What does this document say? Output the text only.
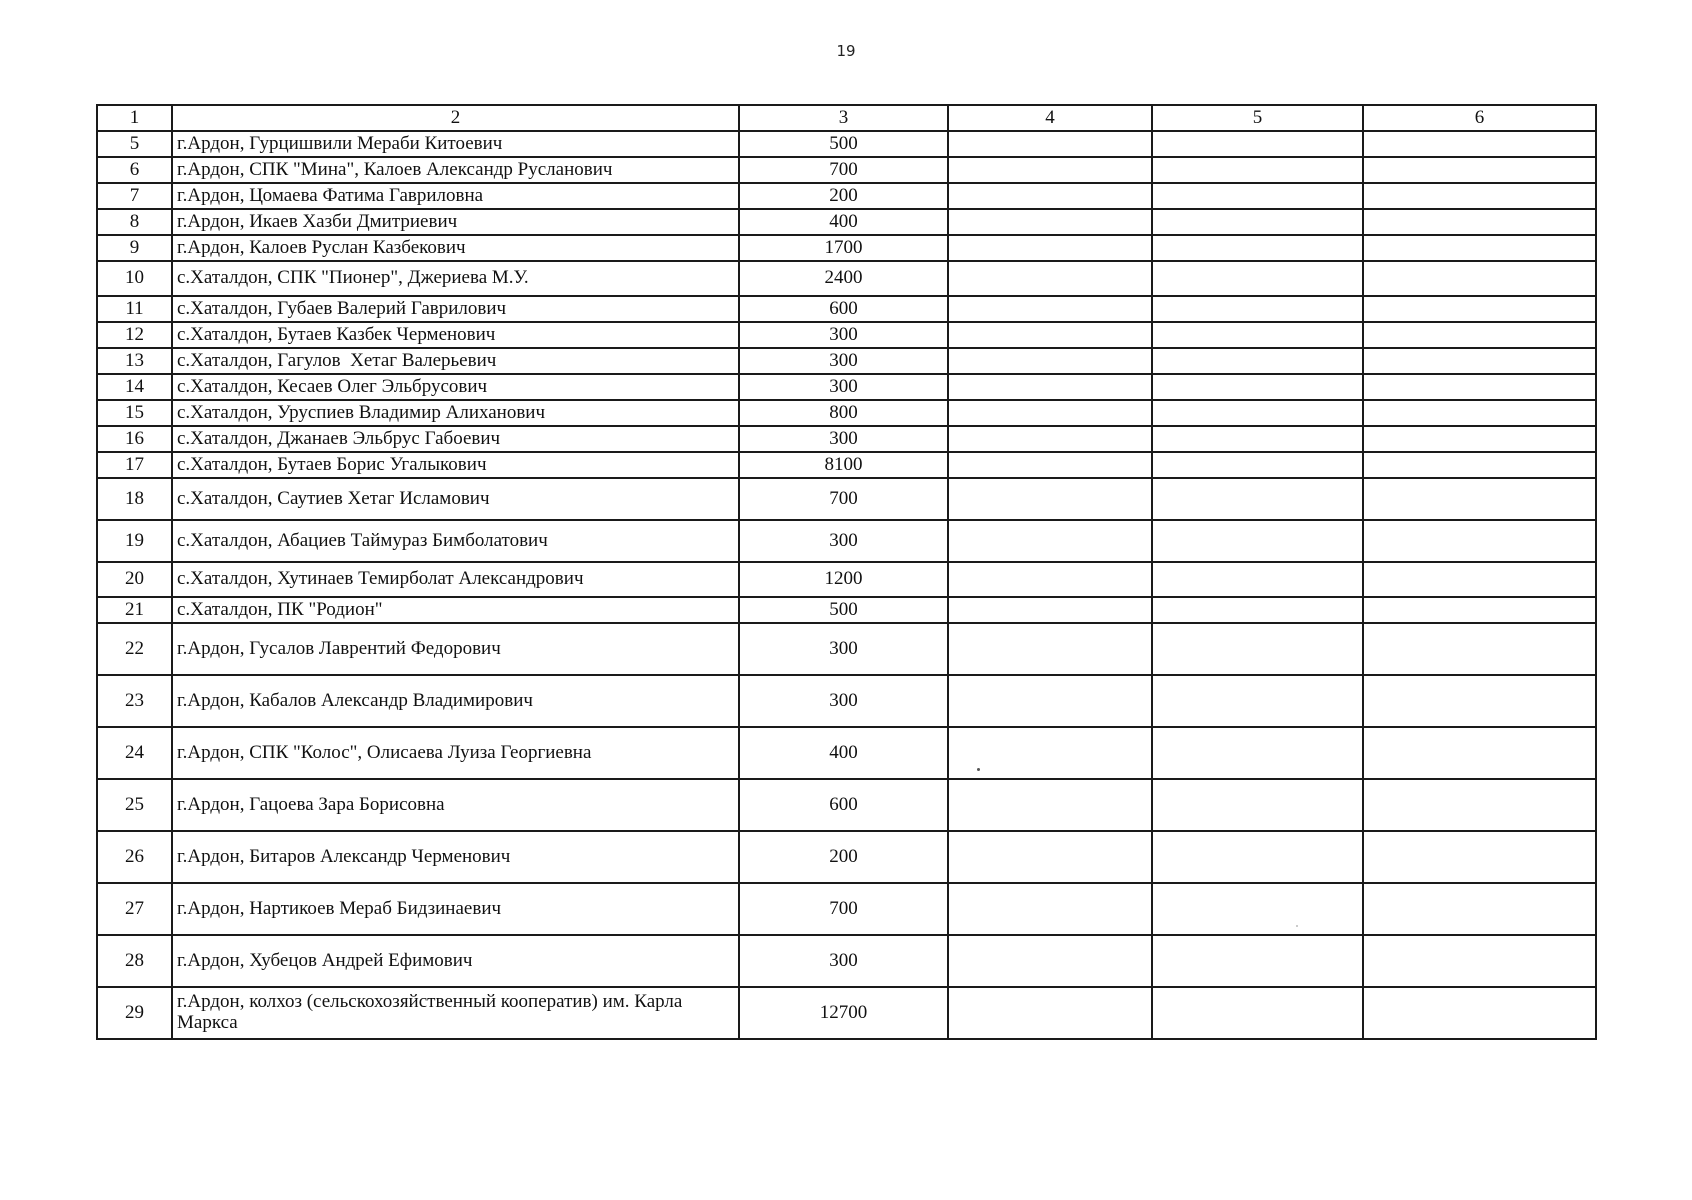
19
1	2	3	4	5	6
5	г.Ардон, Гурцишвили Мераби Китоевич	500			
6	г.Ардон, СПК "Мина", Калоев Александр Русланович	700			
7	г.Ардон, Цомаева Фатима Гавриловна	200			
8	г.Ардон, Икаев Хазби Дмитриевич	400			
9	г.Ардон, Калоев Руслан Казбекович	1700			
10	с.Хаталдон, СПК "Пионер", Джериева М.У.	2400			
11	с.Хаталдон, Губаев Валерий Гаврилович	600			
12	с.Хаталдон, Бутаев Казбек Черменович	300			
13	с.Хаталдон, Гагулов  Хетаг Валерьевич	300			
14	с.Хаталдон, Кесаев Олег Эльбрусович	300			
15	с.Хаталдон, Уруспиев Владимир Алиханович	800			
16	с.Хаталдон, Джанаев Эльбрус Габоевич	300			
17	с.Хаталдон, Бутаев Борис Угалыкович	8100			
18	с.Хаталдон, Саутиев Хетаг Исламович	700			
19	с.Хаталдон, Абациев Таймураз Бимболатович	300			
20	с.Хаталдон, Хутинаев Темирболат Александрович	1200			
21	с.Хаталдон, ПК "Родион"	500			
22	г.Ардон, Гусалов Лаврентий Федорович	300			
23	г.Ардон, Кабалов Александр Владимирович	300			
24	г.Ардон, СПК "Колос", Олисаева Луиза Георгиевна	400			
25	г.Ардон, Гацоева Зара Борисовна	600			
26	г.Ардон, Битаров Александр Черменович	200			
27	г.Ардон, Нартикоев Мераб Бидзинаевич	700			
28	г.Ардон, Хубецов Андрей Ефимович	300			
29	г.Ардон, колхоз (сельскохозяйственный кооператив) им. Карла Маркса	12700			
